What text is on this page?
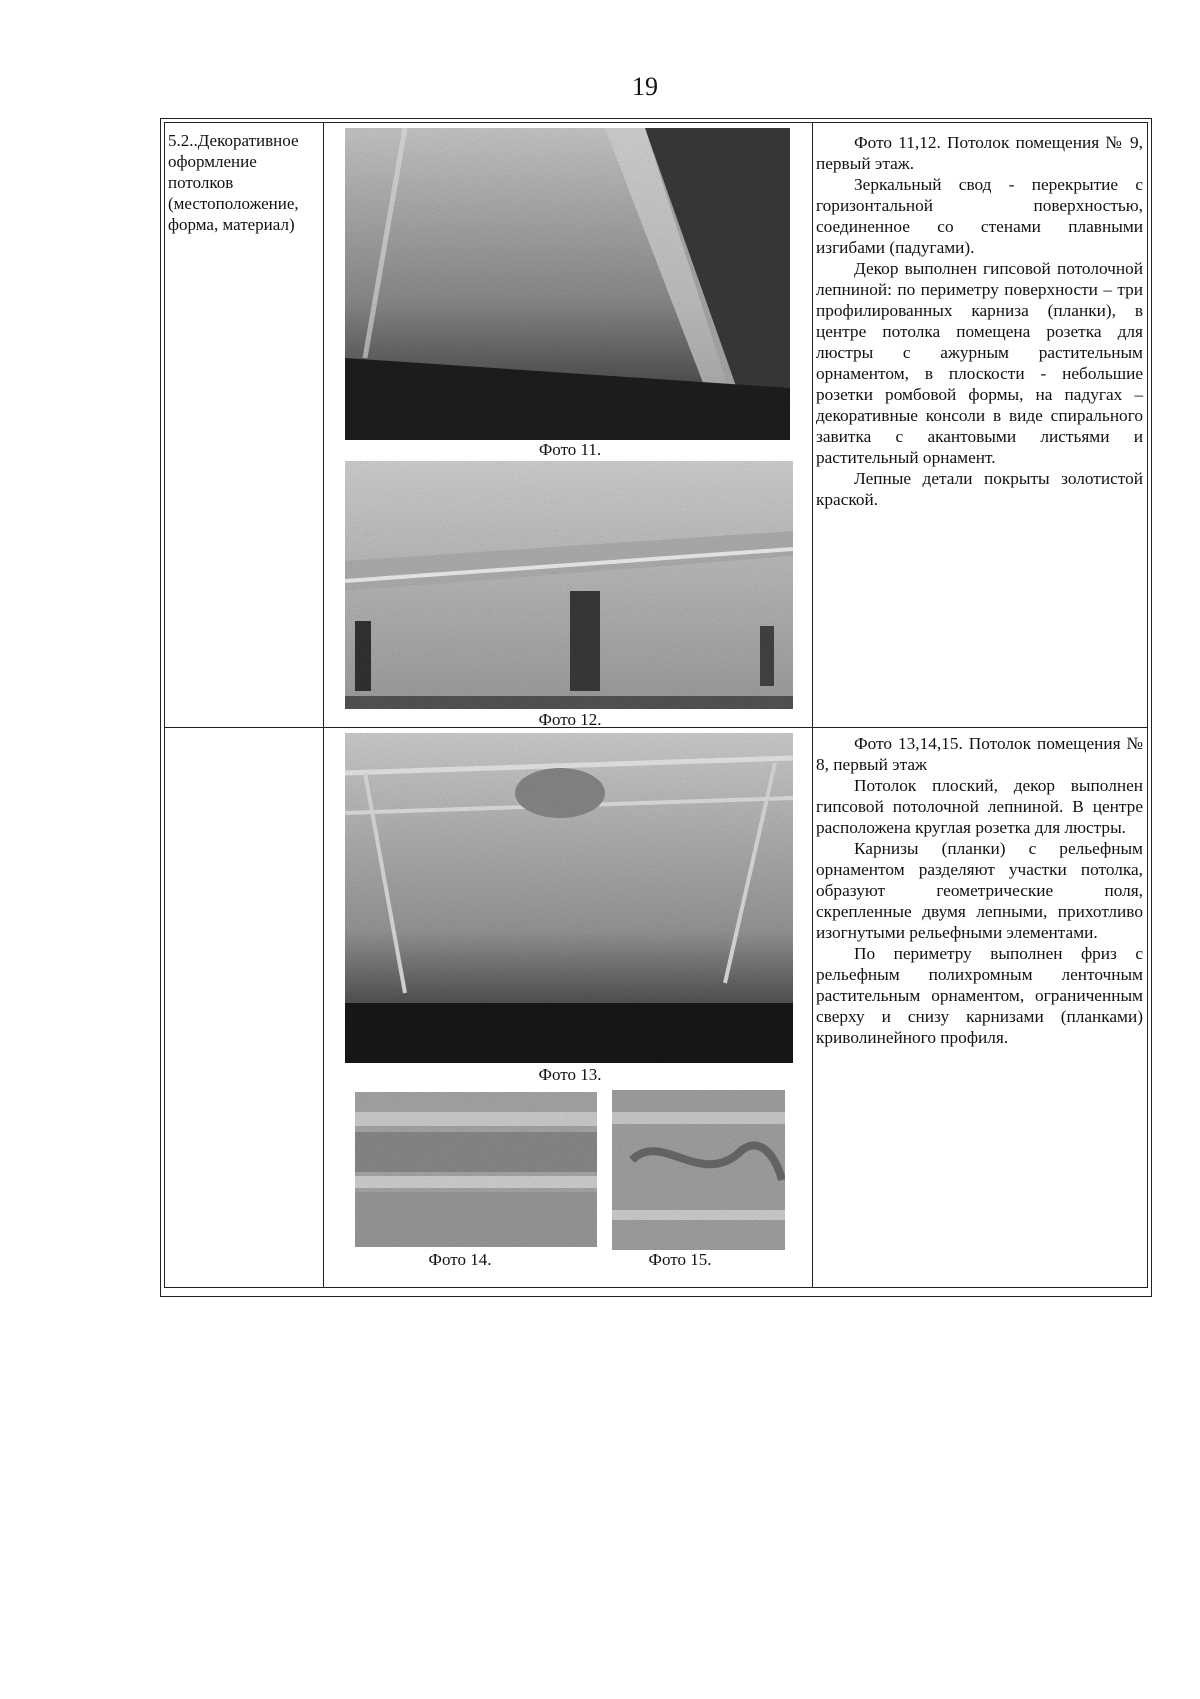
19
5.2..Декоративное оформление потолков (местоположение, форма, материал)
Фото 11.
Фото 12.

Фото 11,12. Потолок помещения № 9, первый этаж.

Зеркальный свод - перекрытие с горизонтальной поверхностью, соединенное со стенами плавными изгибами (падугами).

Декор выполнен гипсовой потолочной лепниной: по периметру поверхности – три профилированных карниза (планки), в центре потолка помещена розетка для люстры с ажурным растительным орнаментом, в плоскости - небольшие розетки ромбовой формы, на падугах – декоративные консоли в виде спирального завитка с акантовыми листьями и растительный орнамент.

Лепные детали покрыты золотистой краской.

Фото 13.
Фото 14.	Фото 15.

Фото 13,14,15. Потолок помещения № 8, первый этаж

Потолок плоский, декор выполнен гипсовой потолочной лепниной. В центре расположена круглая розетка для люстры.

Карнизы (планки) с рельефным орнаментом разделяют участки потолка, образуют геометрические поля, скрепленные двумя лепными, прихотливо изогнутыми рельефными элементами.

По периметру выполнен фриз с рельефным полихромным ленточным растительным орнаментом, ограниченным сверху и снизу карнизами (планками) криволинейного профиля.
